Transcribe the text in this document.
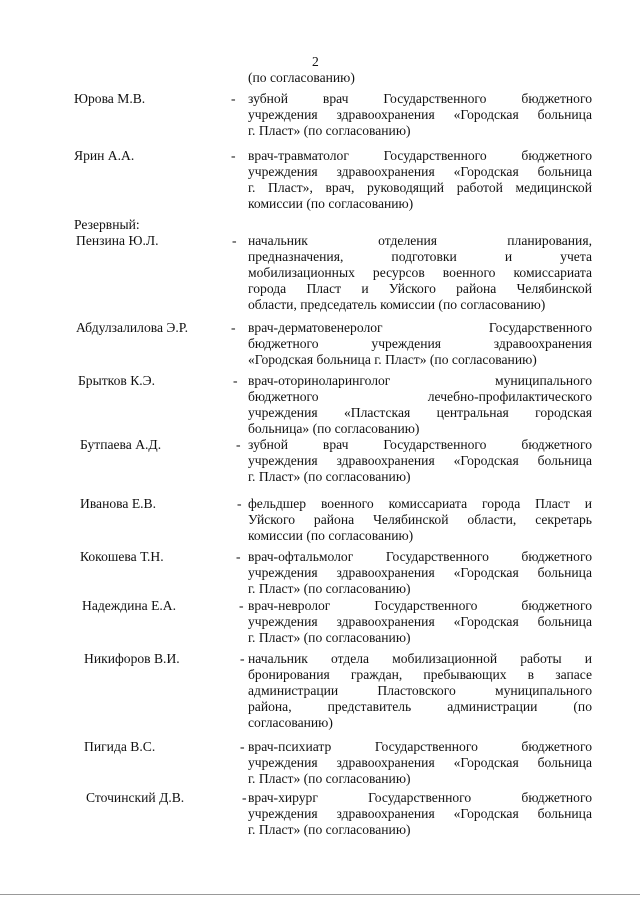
2
(по согласованию)
Юрова М.В.	- зубной врач Государственного бюджетного
учреждения здравоохранения «Городская больница
г. Пласт» (по согласованию)
Ярин А.А.	- врач-травматолог Государственного бюджетного
учреждения здравоохранения «Городская больница
г. Пласт», врач, руководящий работой медицинской
комиссии (по согласованию)
Резервный:
Пензина Ю.Л.	- начальник отделения планирования,
предназначения, подготовки и учета
мобилизационных ресурсов военного комиссариата
города Пласт и Уйского района Челябинской
области, председатель комиссии (по согласованию)
Абдулзалилова Э.Р.	- врач-дерматовенеролог Государственного
бюджетного учреждения здравоохранения
«Городская больница г. Пласт» (по согласованию)
Брытков К.Э.	- врач-оториноларинголог муниципального
бюджетного лечебно-профилактического
учреждения «Пластская центральная городская
больница» (по согласованию)
Бутпаева А.Д.	- зубной врач Государственного бюджетного
учреждения здравоохранения «Городская больница
г. Пласт» (по согласованию)
Иванова Е.В.	- фельдшер военного комиссариата города Пласт и
Уйского района Челябинской области, секретарь
комиссии (по согласованию)
Кокошева Т.Н.	- врач-офтальмолог Государственного бюджетного
учреждения здравоохранения «Городская больница
г. Пласт» (по согласованию)
Надеждина Е.А.	- врач-невролог Государственного бюджетного
учреждения здравоохранения «Городская больница
г. Пласт» (по согласованию)
Никифоров В.И.	- начальник отдела мобилизационной работы и
бронирования граждан, пребывающих в запасе
администрации Пластовского муниципального
района, представитель администрации (по
согласованию)
Пигида В.С.	- врач-психиатр Государственного бюджетного
учреждения здравоохранения «Городская больница
г. Пласт» (по согласованию)
Сточинский Д.В.	- врач-хирург Государственного бюджетного
учреждения здравоохранения «Городская больница
г. Пласт» (по согласованию)
